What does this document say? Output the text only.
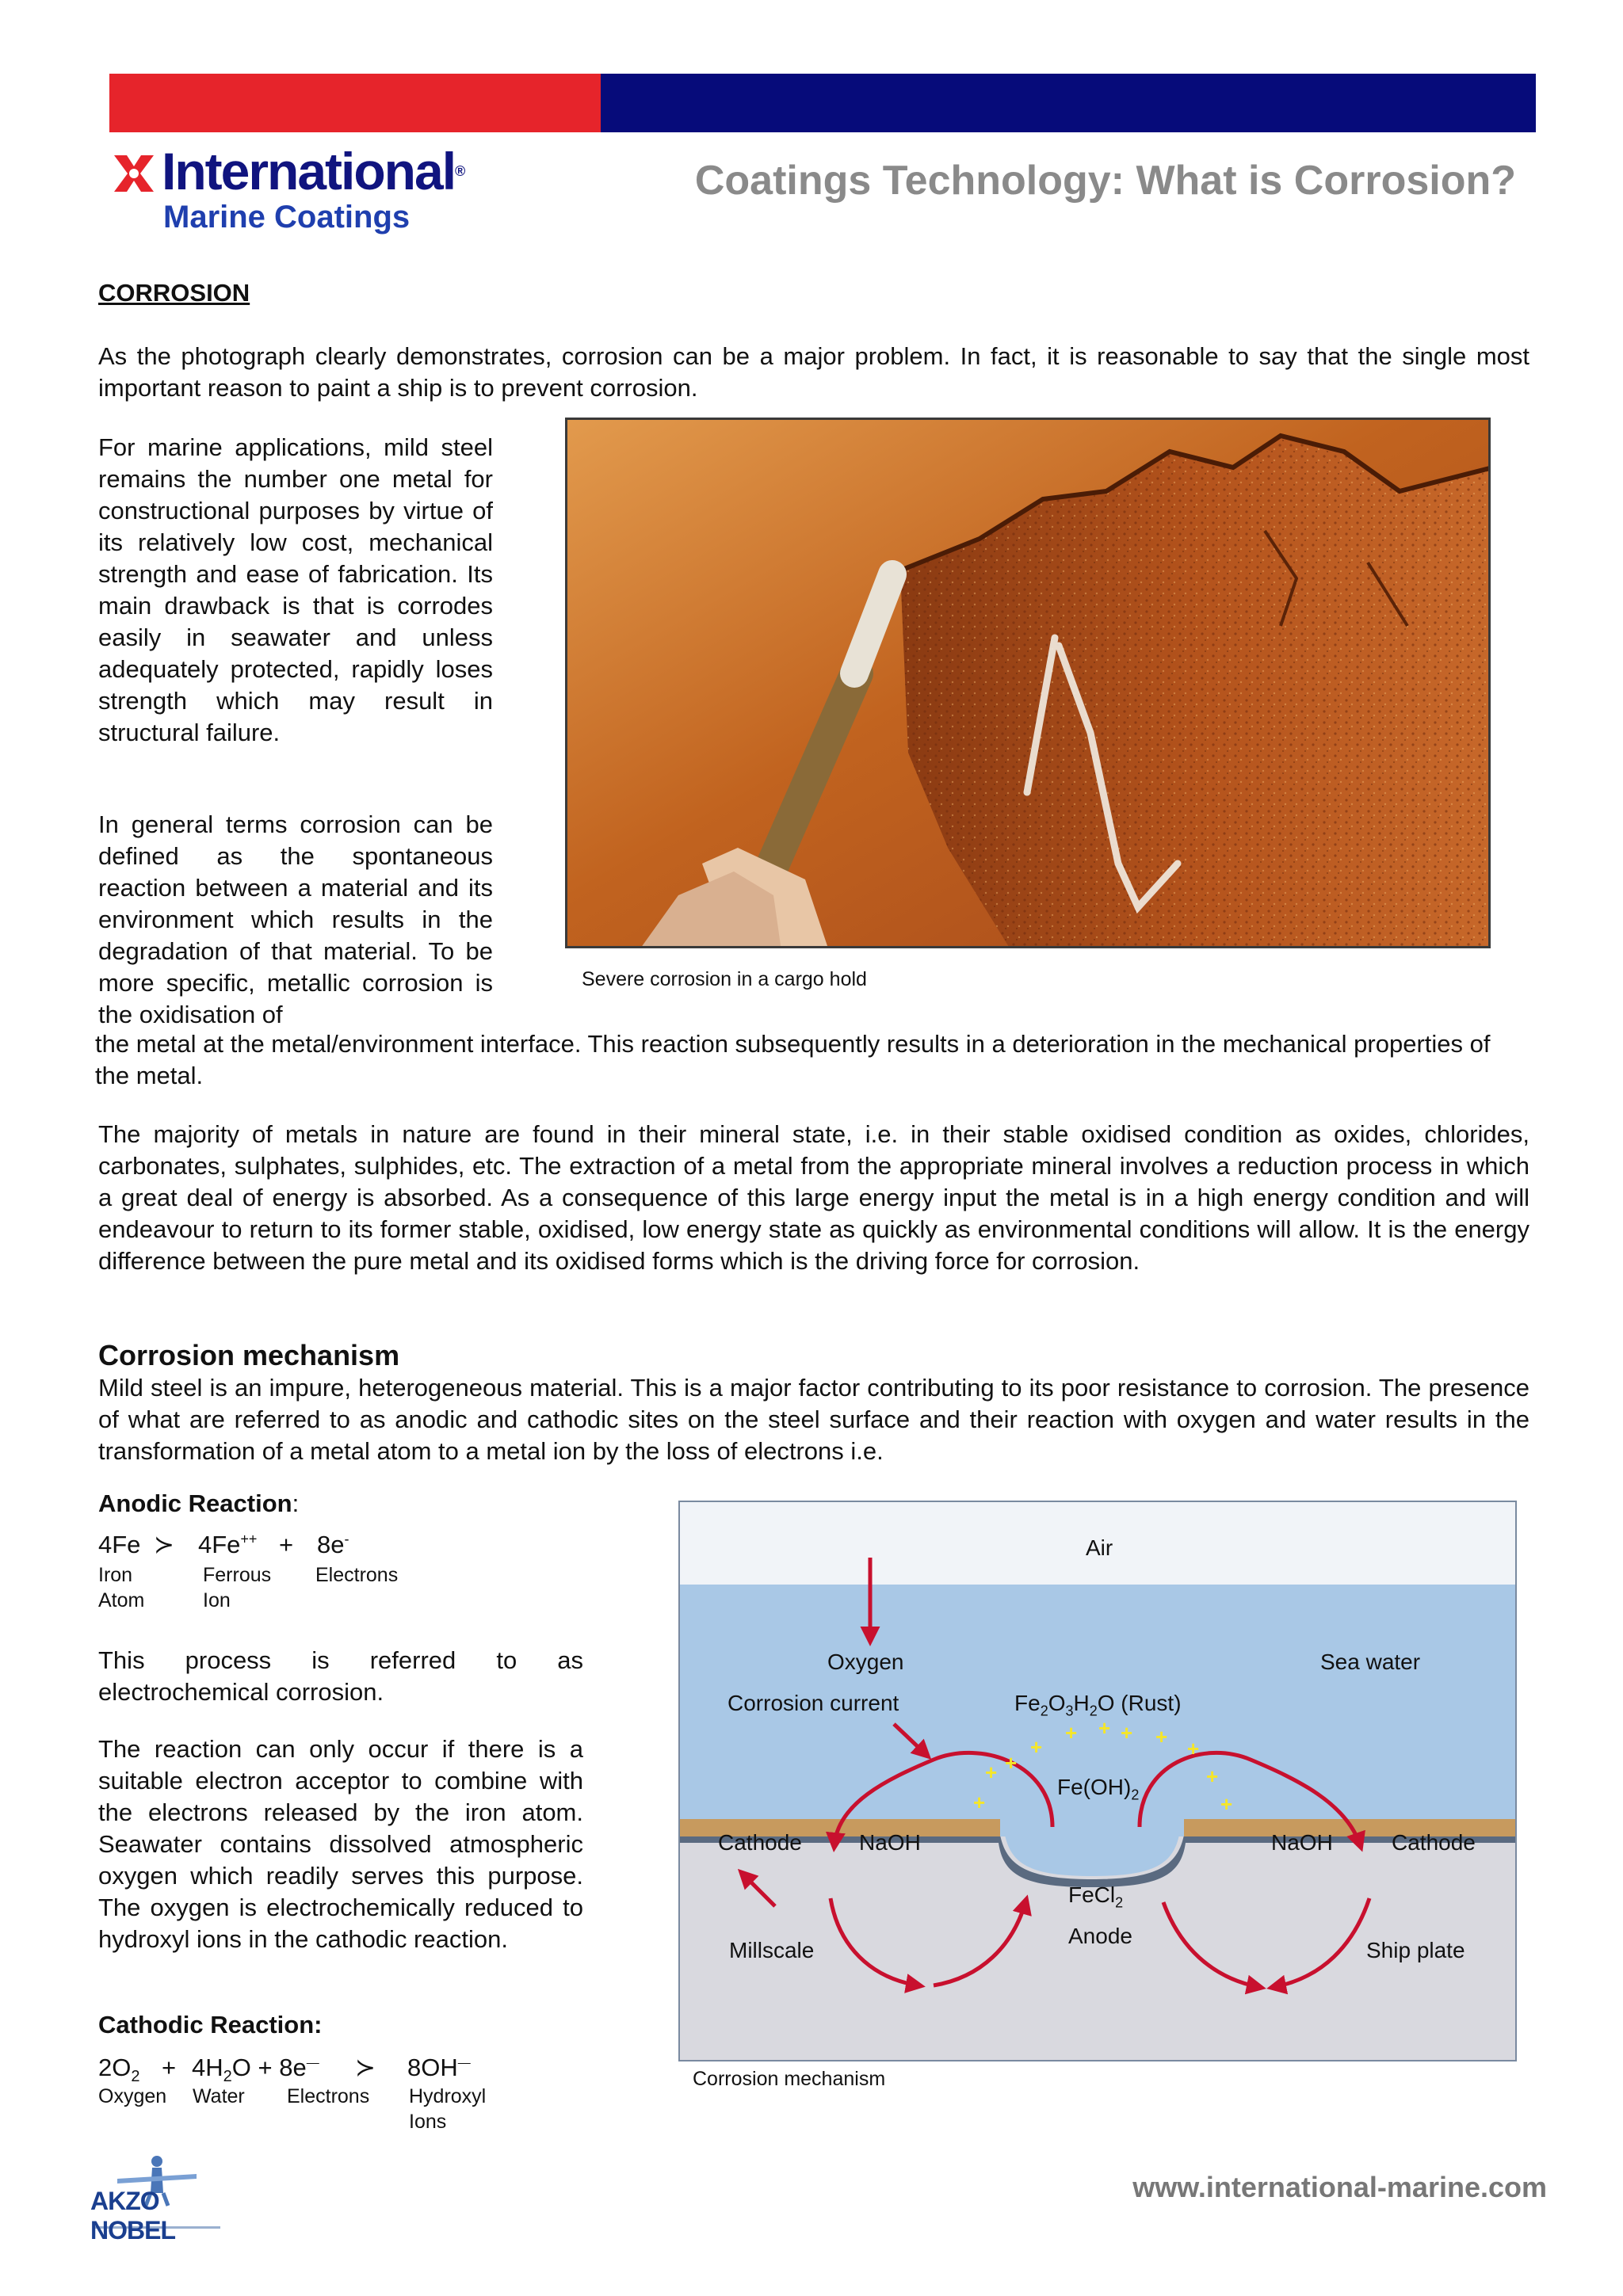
International®
Marine Coatings
Coatings Technology: What is Corrosion?
CORROSION
As the photograph clearly demonstrates, corrosion can be a major problem. In fact, it is reasonable to say that the single most important reason to paint a ship is to prevent corrosion.
For marine applications, mild steel remains the number one metal for constructional purposes by virtue of its relatively low cost, mechanical strength and ease of fabrication. Its main drawback is that is corrodes easily in seawater and unless adequately protected, rapidly loses strength which may result in structural failure.
In general terms corrosion can be defined as the spontaneous reaction between a material and its environment which results in the degradation of that material. To be more specific, metallic corrosion is the oxidisation of
Severe corrosion in a cargo hold
the metal at the metal/environment interface. This reaction subsequently results in a deterioration in the mechanical properties of the metal.
The majority of metals in nature are found in their mineral state, i.e. in their stable oxidised condition as oxides, chlorides, carbonates, sulphates, sulphides, etc. The extraction of a metal from the appropriate mineral involves a reduction process in which a great deal of energy is absorbed. As a consequence of this large energy input the metal is in a high energy condition and will endeavour to return to its former stable, oxidised, low energy state as quickly as environmental conditions will allow. It is the energy difference between the pure metal and its oxidised forms which is the driving force for corrosion.
Corrosion mechanism
Mild steel is an impure, heterogeneous material. This is a major factor contributing to its poor resistance to corrosion. The presence of what are referred to as anodic and cathodic sites on the steel surface and their reaction with oxygen and water results in the transformation of a metal atom to a metal ion by the loss of electrons i.e.
Anodic Reaction:
4Fe ≻ 4Fe++ + 8e-
Iron
Atom
Ferrous
Ion
Electrons
This process is referred to as electrochemical corrosion.
The reaction can only occur if there is a suitable electron acceptor to combine with the electrons released by the iron atom. Seawater contains dissolved atmospheric oxygen which readily serves this purpose. The oxygen is electrochemically reduced to hydroxyl ions in the cathodic reaction.
Cathodic Reaction:
$2O_2 + 4H_2O + 8e^—$ ≻ 8OH—
Oxygen Water Electrons Hydroxyl
Ions
+
+
+ +
+ + + + +
+
+
Air
Oxygen	Sea water
Corrosion current	$Fe_2O_3H_2O$ (Rust)
$Fe(OH)_2$
Cathode	NaOH	NaOH	Cathode
FeCl$_2$
Anode
Millscale	Ship plate
Corrosion mechanism
AKZO NOBEL
www.international-marine.com
